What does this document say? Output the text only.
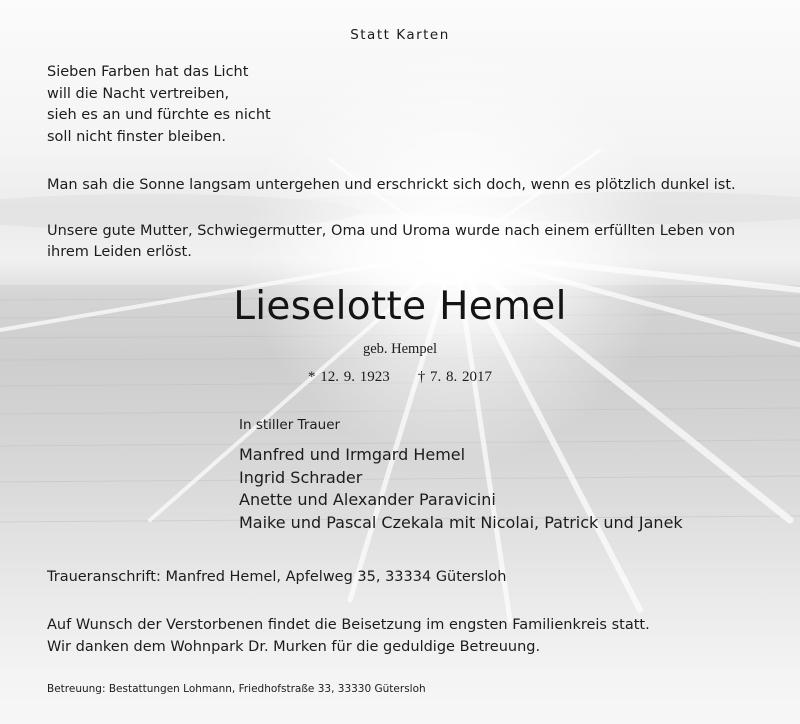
Statt Karten
Sieben Farben hat das Licht
will die Nacht vertreiben,
sieh es an und fürchte es nicht
soll nicht finster bleiben.
Man sah die Sonne langsam untergehen und erschrickt sich doch, wenn es plötzlich dunkel ist.
Unsere gute Mutter, Schwiegermutter, Oma und Uroma wurde nach einem erfüllten Leben von ihrem Leiden erlöst.
Lieselotte Hemel
geb. Hempel
* 12. 9. 1923 † 7. 8. 2017
In stiller Trauer
Manfred und Irmgard Hemel
Ingrid Schrader
Anette und Alexander Paravicini
Maike und Pascal Czekala mit Nicolai, Patrick und Janek
Traueranschrift: Manfred Hemel, Apfelweg 35, 33334 Gütersloh
Auf Wunsch der Verstorbenen findet die Beisetzung im engsten Familienkreis statt.
Wir danken dem Wohnpark Dr. Murken für die geduldige Betreuung.
Betreuung: Bestattungen Lohmann, Friedhofstraße 33, 33330 Gütersloh
